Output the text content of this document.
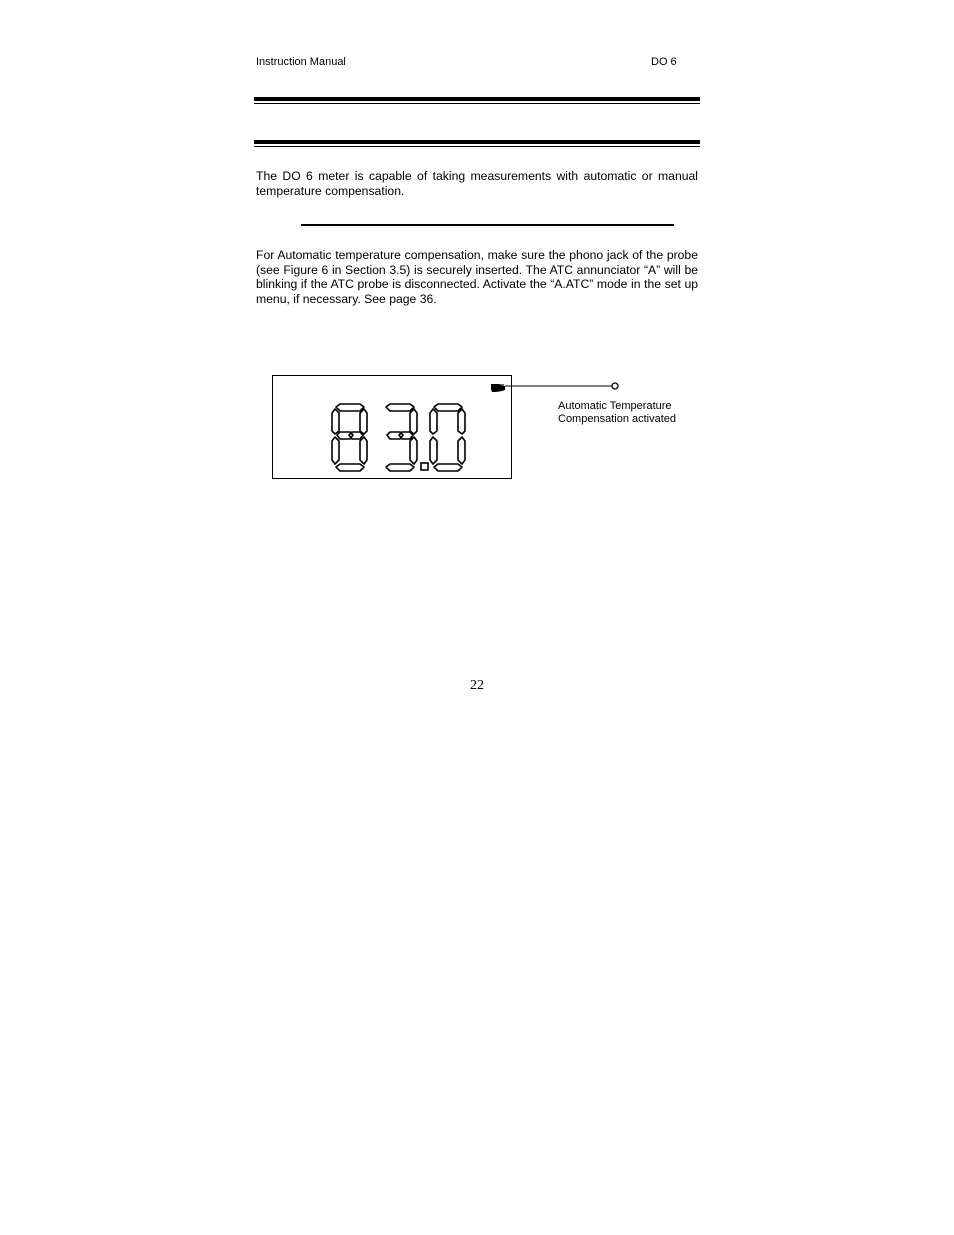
Instruction Manual	DO 6

The DO 6 meter is capable of taking measurements with automatic or manual temperature compensation.

For Automatic temperature compensation, make sure the phono jack of the probe (see Figure 6 in Section 3.5) is securely inserted. The ATC annunciator “A” will be blinking if the ATC probe is disconnected. Activate the “A.ATC” mode in the set up menu, if necessary. See page 36.

Automatic Temperature
Compensation activated
22
